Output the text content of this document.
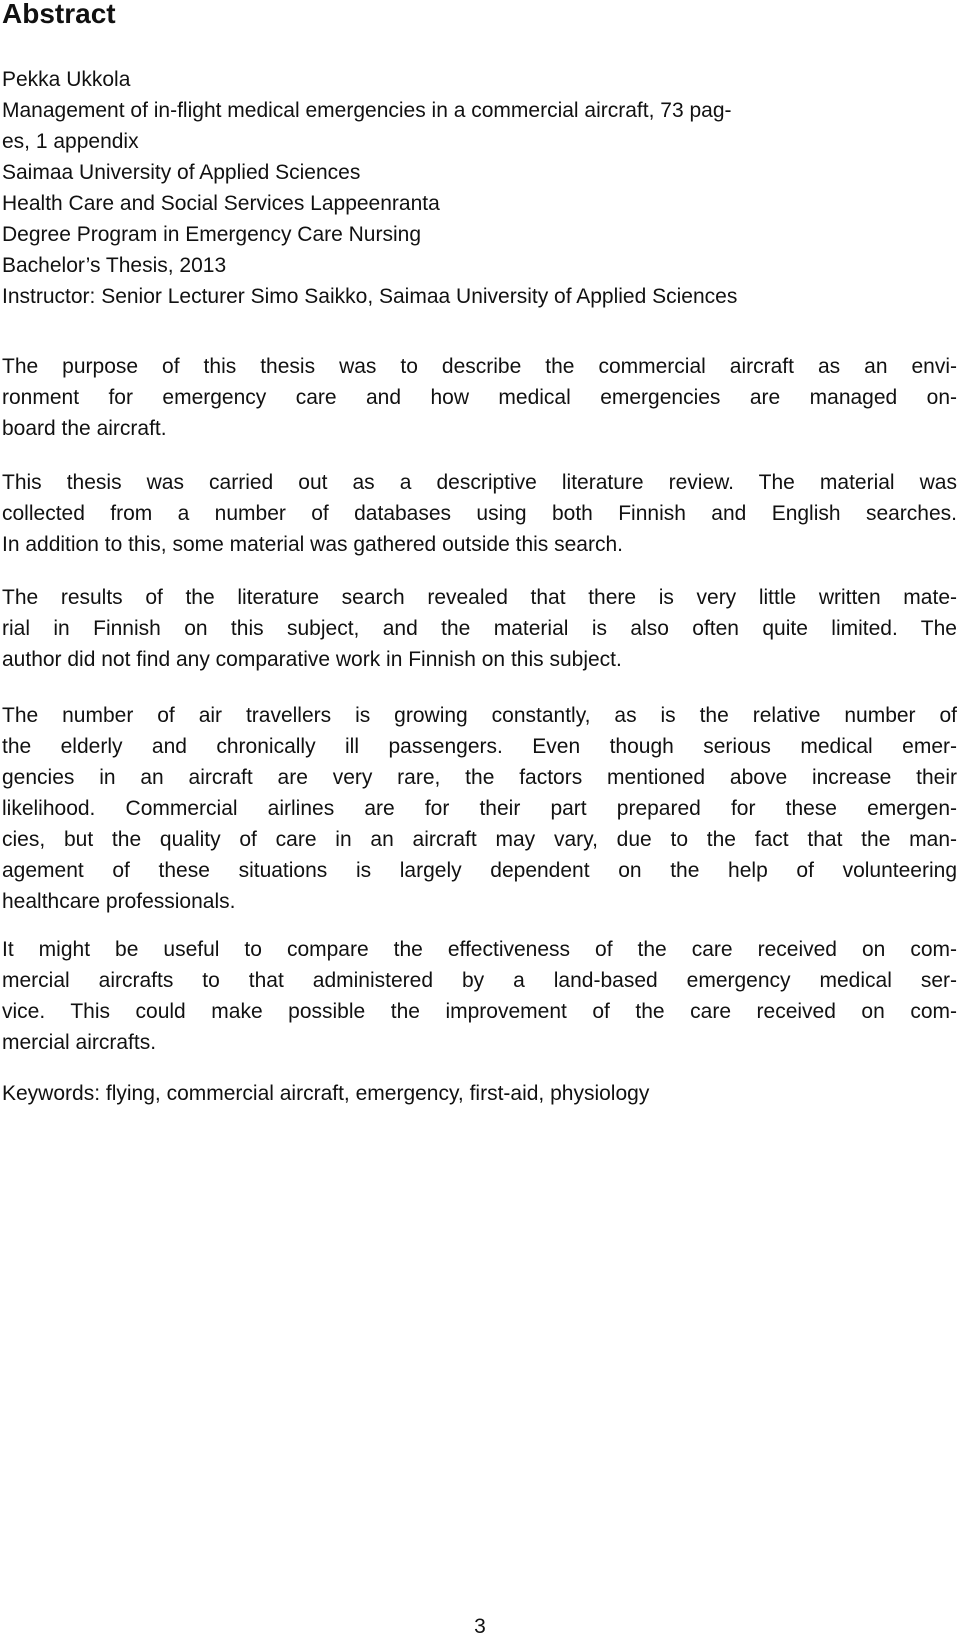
Abstract
Pekka Ukkola
Management of in-flight medical emergencies in a commercial aircraft, 73 pag-
es, 1 appendix
Saimaa University of Applied Sciences
Health Care and Social Services Lappeenranta
Degree Program in Emergency Care Nursing
Bachelor’s Thesis, 2013
Instructor: Senior Lecturer Simo Saikko, Saimaa University of Applied Sciences
The purpose of this thesis was to describe the commercial aircraft as an envi-
ronment for emergency care and how medical emergencies are managed on-
board the aircraft.
This thesis was carried out as a descriptive literature review. The material was
collected from a number of databases using both Finnish and English searches.
In addition to this, some material was gathered outside this search.
The results of the literature search revealed that there is very little written mate-
rial in Finnish on this subject, and the material is also often quite limited. The
author did not find any comparative work in Finnish on this subject.
The number of air travellers is growing constantly, as is the relative number of
the elderly and chronically ill passengers. Even though serious medical emer-
gencies in an aircraft are very rare, the factors mentioned above increase their
likelihood. Commercial airlines are for their part prepared for these emergen-
cies, but the quality of care in an aircraft may vary, due to the fact that the man-
agement of these situations is largely dependent on the help of volunteering
healthcare professionals.
It might be useful to compare the effectiveness of the care received on com-
mercial aircrafts to that administered by a land-based emergency medical ser-
vice. This could make possible the improvement of the care received on com-
mercial aircrafts.
Keywords: flying, commercial aircraft, emergency, first-aid, physiology
3
